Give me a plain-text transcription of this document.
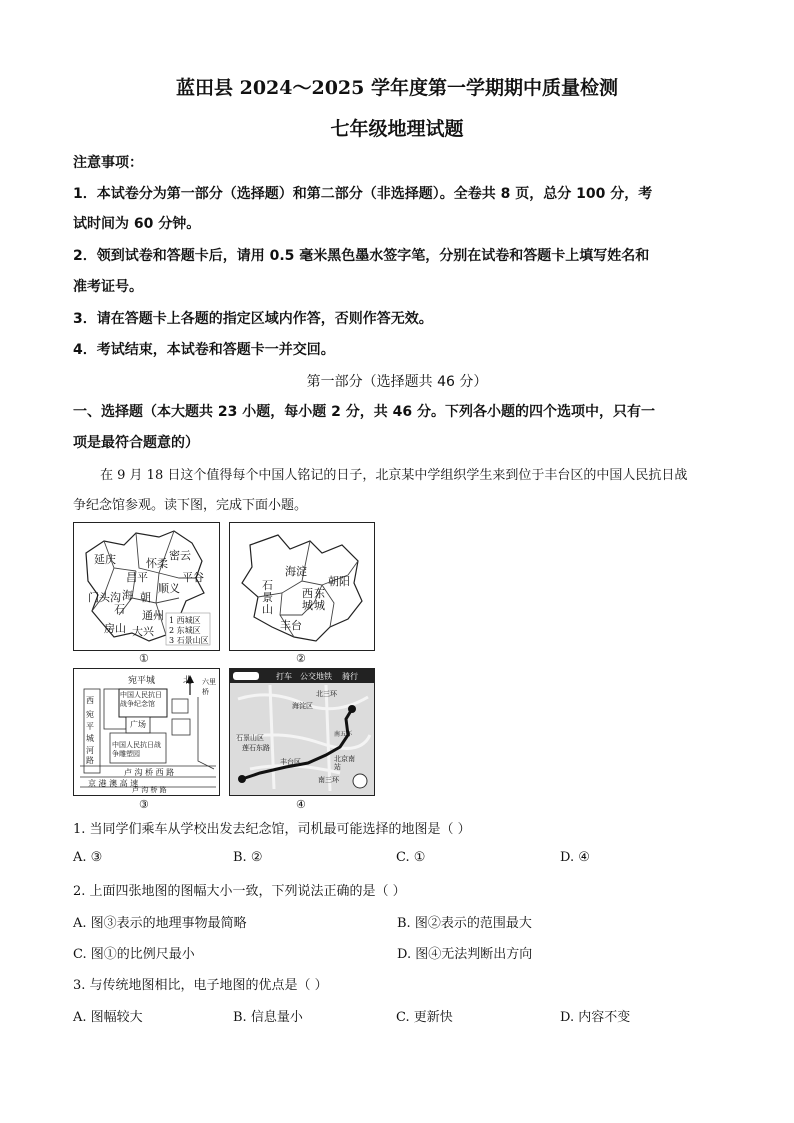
蓝田县 2024～2025 学年度第一学期期中质量检测
七年级地理试题
注意事项：
1．本试卷分为第一部分（选择题）和第二部分（非选择题）。全卷共 8 页，总分 100 分，考
试时间为 60 分钟。
2．领到试卷和答题卡后，请用 0.5 毫米黑色墨水签字笔，分别在试卷和答题卡上填写姓名和
准考证号。
3．请在答题卡上各题的指定区域内作答，否则作答无效。
4．考试结束，本试卷和答题卡一并交回。
第一部分（选择题共 46 分）
一、选择题（本大题共 23 小题，每小题 2 分，共 46 分。下列各小题的四个选项中，只有一
项是最符合题意的）
在 9 月 18 日这个值得每个中国人铭记的日子，北京某中学组织学生来到位于丰台区的中国人民抗日战
争纪念馆参观。读下图，完成下面小题。
延庆	怀柔
密云
平谷
昌平
顺义
门头沟 朝
海
通州
石
房山 大兴
1 西城区
2 东城区
3 石景山区
①
海淀
朝阳
石
景
山
西 东
城 城
丰台
②
宛平城	北 六里桥
中国人民抗日战争纪念馆
广场
中国人民抗日战争雕塑园
西
宛
平
城
河
路
卢 沟 桥 西 路
京 港 澳 高 速
卢 沟 桥 路
③
打车 公交地铁 骑行
北三环
海淀区
石景山区
莲石东路
丰台区	北京南站
南三环
南五环
④
1. 当同学们乘车从学校出发去纪念馆，司机最可能选择的地图是（ ）
A. ③	B. ②	C. ①	D. ④
2. 上面四张地图的图幅大小一致，下列说法正确的是（ ）
A. 图③表示的地理事物最简略	B. 图②表示的范围最大
C. 图①的比例尺最小	D. 图④无法判断出方向
3. 与传统地图相比，电子地图的优点是（ ）
A. 图幅较大	B. 信息量小	C. 更新快	D. 内容不变
